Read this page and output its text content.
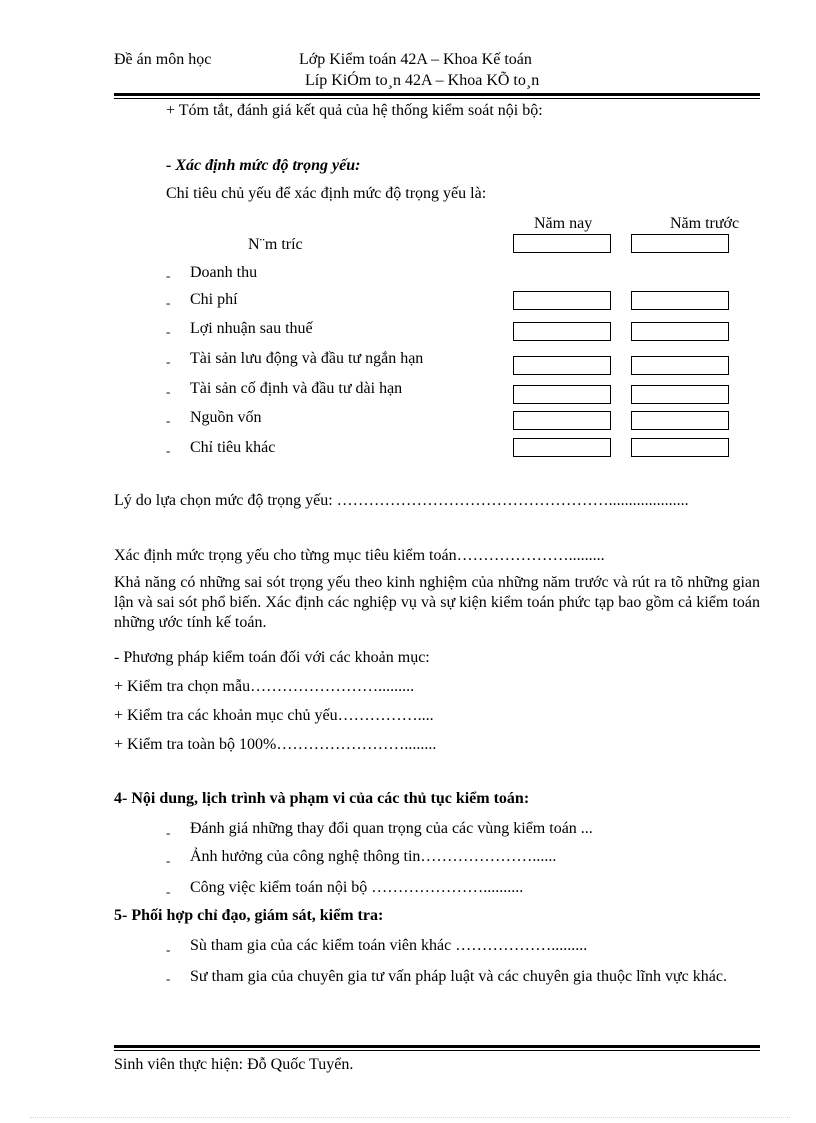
Đề án môn học	Lớp Kiểm toán 42A – Khoa Kế toán
Líp KiÓm to¸n 42A – Khoa KÕ to¸n
+ Tóm tắt, đánh giá kết quả của hệ thống kiểm soát nội bộ:
- Xác định mức độ trọng yếu:
Chỉ tiêu chủ yếu để xác định mức độ trọng yếu là:
Năm nay	Năm trước
N¨m tríc
- Doanh thu
- Chi phí
- Lợi nhuận sau thuế
- Tài sản lưu động và đầu tư ngắn hạn
- Tài sản cố định và đầu tư dài hạn
- Nguồn vốn
- Chỉ tiêu khác
Lý do lựa chọn mức độ trọng yếu: ……………………………………………....................
Xác định mức trọng yếu cho từng mục tiêu kiểm toán………………….........
Khả năng có những sai sót trọng yếu theo kinh nghiệm của những năm trước và rút ra tõ những gian lận và sai sót phổ biến. Xác định các nghiệp vụ và sự kiện kiểm toán phức tạp bao gồm cả kiểm toán những ước tính kế toán.
- Phương pháp kiểm toán đối với các khoản mục:
+ Kiểm tra chọn mẫu…………………….........
+ Kiểm tra các khoản mục chủ yếu……………....
+ Kiểm tra toàn bộ 100%……………………........
4- Nội dung, lịch trình và phạm vi của các thủ tục kiểm toán:
- Đánh giá những thay đổi quan trọng của các vùng kiểm toán ...
- Ảnh hưởng của công nghệ thông tin…………………......
- Công việc kiểm toán nội bộ …………………..........
5- Phối hợp chỉ đạo, giám sát, kiểm tra:
- Sù tham gia của các kiểm toán viên khác ……………….........
- Sư tham gia của chuyên gia tư vấn pháp luật và các chuyên gia thuộc lĩnh vực khác.
Sinh viên thực hiện: Đỗ Quốc Tuyển.
